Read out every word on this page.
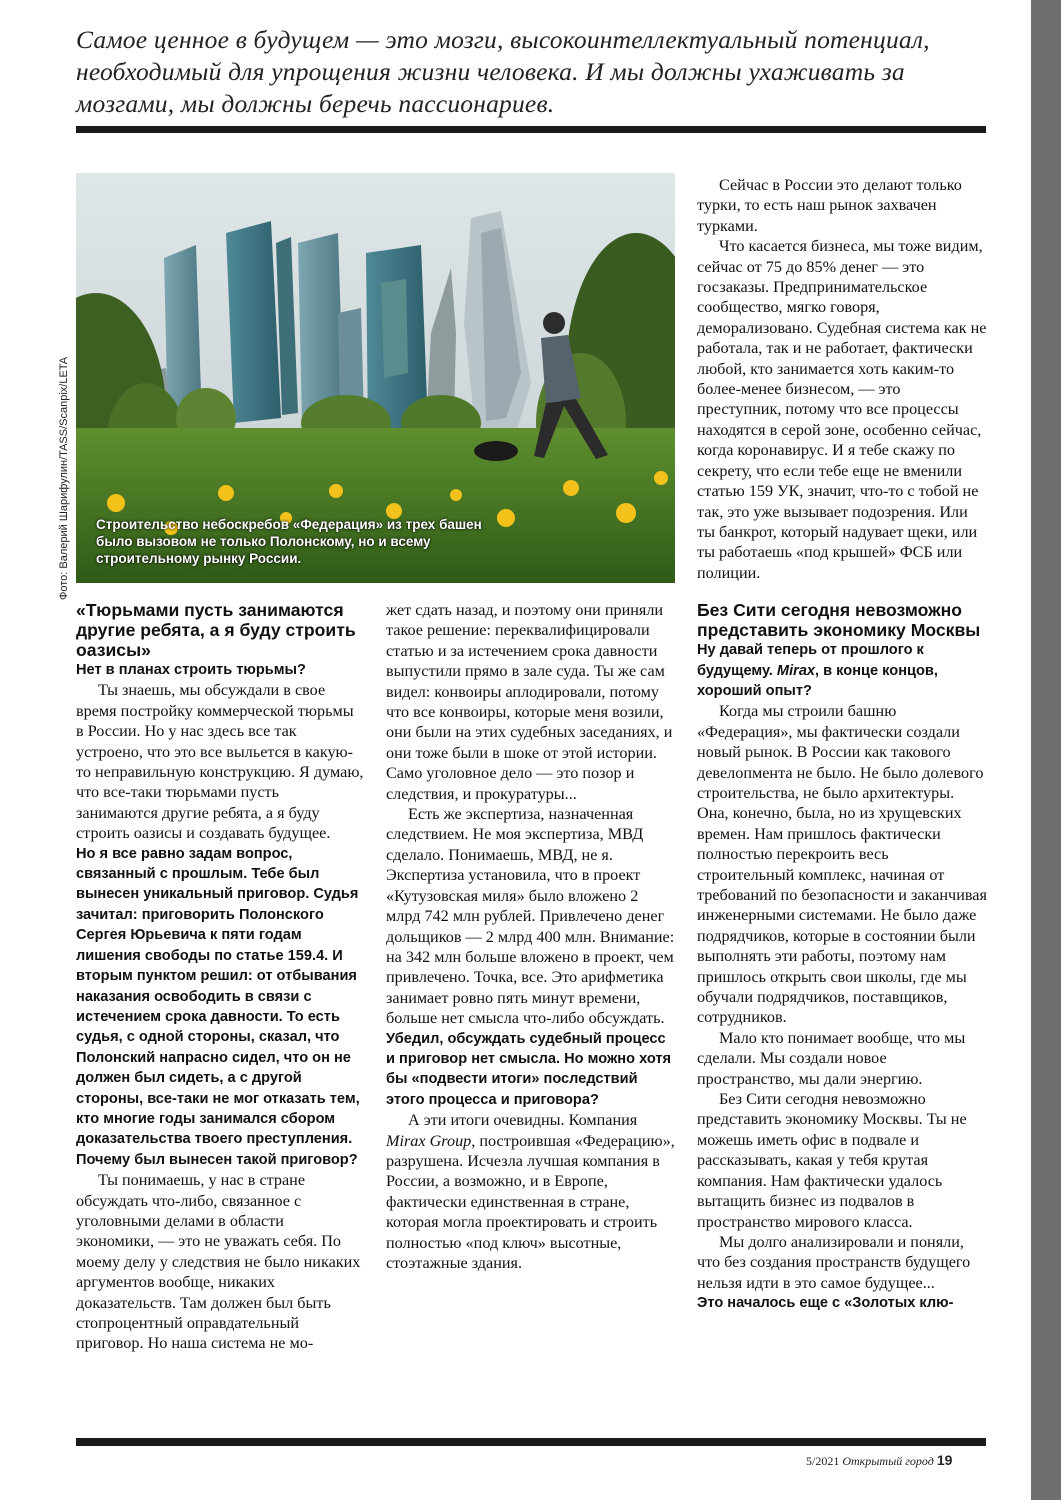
Самое ценное в будущем — это мозги, высокоинтеллектуальный потенциал, необходимый для упрощения жизни человека. И мы должны ухаживать за мозгами, мы должны беречь пассионариев.
Строительство небоскребов «Федерация» из трех башен было вызовом не только Полонскому, но и всему строительному рынку России.
Фото: Валерий Шарифулин/TASS/Scanpix/LETA

«Тюрьмами пусть занимаются другие ребята, а я буду строить оазисы»

Нет в планах строить тюрьмы?

Ты знаешь, мы обсуждали в свое время постройку коммерческой тюрьмы в России. Но у нас здесь все так устроено, что это все выльется в какую-то неправильную конструкцию. Я думаю, что все-таки тюрьмами пусть занимаются другие ребята, а я буду строить оазисы и создавать будущее.

Но я все равно задам вопрос, связанный с прошлым. Тебе был вынесен уникальный приговор. Судья зачитал: приговорить Полонского Сергея Юрьевича к пяти годам лишения свободы по статье 159.4. И вторым пунктом решил: от отбывания наказания освободить в связи с истечением срока давности. То есть судья, с одной стороны, сказал, что Полонский напрасно сидел, что он не должен был сидеть, а с другой стороны, все-таки не мог отказать тем, кто многие годы занимался сбором доказательства твоего преступления. Почему был вынесен такой приговор?

Ты понимаешь, у нас в стране обсуждать что-либо, связанное с уголовными делами в области экономики, — это не уважать себя. По моему делу у следствия не было никаких аргументов вообще, никаких доказательств. Там должен был быть стопроцентный оправдательный приговор. Но наша система не мо-

жет сдать назад, и поэтому они приняли такое решение: переквалифицировали статью и за истечением срока давности выпустили прямо в зале суда. Ты же сам видел: конвоиры аплодировали, потому что все конвоиры, которые меня возили, они были на этих судебных заседаниях, и они тоже были в шоке от этой истории. Само уголовное дело — это позор и следствия, и прокуратуры...

Есть же экспертиза, назначенная следствием. Не моя экспертиза, МВД сделало. Понимаешь, МВД, не я. Экспертиза установила, что в проект «Кутузовская миля» было вложено 2 млрд 742 млн рублей. Привлечено денег дольщиков — 2 млрд 400 млн. Внимание: на 342 млн больше вложено в проект, чем привлечено. Точка, все. Это арифметика занимает ровно пять минут времени, больше нет смысла что-либо обсуждать.

Убедил, обсуждать судебный процесс и приговор нет смысла. Но можно хотя бы «подвести итоги» последствий этого процесса и приговора?

А эти итоги очевидны. Компания Mirax Group, построившая «Федерацию», разрушена. Исчезла лучшая компания в России, а возможно, и в Европе, фактически единственная в стране, которая могла проектировать и строить полностью «под ключ» высотные, стоэтажные здания.

Сейчас в России это делают только турки, то есть наш рынок захвачен турками.

Что касается бизнеса, мы тоже видим, сейчас от 75 до 85% денег — это госзаказы. Предпринимательское сообщество, мягко говоря, деморализовано. Судебная система как не работала, так и не работает, фактически любой, кто занимается хоть каким-то более-менее бизнесом, — это преступник, потому что все процессы находятся в серой зоне, особенно сейчас, когда коронавирус. И я тебе скажу по секрету, что если тебе еще не вменили статью 159 УК, значит, что-то с тобой не так, это уже вызывает подозрения. Или ты банкрот, который надувает щеки, или ты работаешь «под крышей» ФСБ или полиции.

Без Сити сегодня невозможно представить экономику Москвы

Ну давай теперь от прошлого к будущему. Mirax, в конце концов, хороший опыт?

Когда мы строили башню «Федерация», мы фактически создали новый рынок. В России как такового девелопмента не было. Не было долевого строительства, не было архитектуры. Она, конечно, была, но из хрущевских времен. Нам пришлось фактически полностью перекроить весь строительный комплекс, начиная от требований по безопасности и заканчивая инженерными системами. Не было даже подрядчиков, которые в состоянии были выполнять эти работы, поэтому нам пришлось открыть свои школы, где мы обучали подрядчиков, поставщиков, сотрудников.

Мало кто понимает вообще, что мы сделали. Мы создали новое пространство, мы дали энергию.

Без Сити сегодня невозможно представить экономику Москвы. Ты не можешь иметь офис в подвале и рассказывать, какая у тебя крутая компания. Нам фактически удалось вытащить бизнес из подвалов в пространство мирового класса.

Мы долго анализировали и поняли, что без создания пространств будущего нельзя идти в это самое будущее...

Это началось еще с «Золотых клю-

5/2021 Открытый город 19
